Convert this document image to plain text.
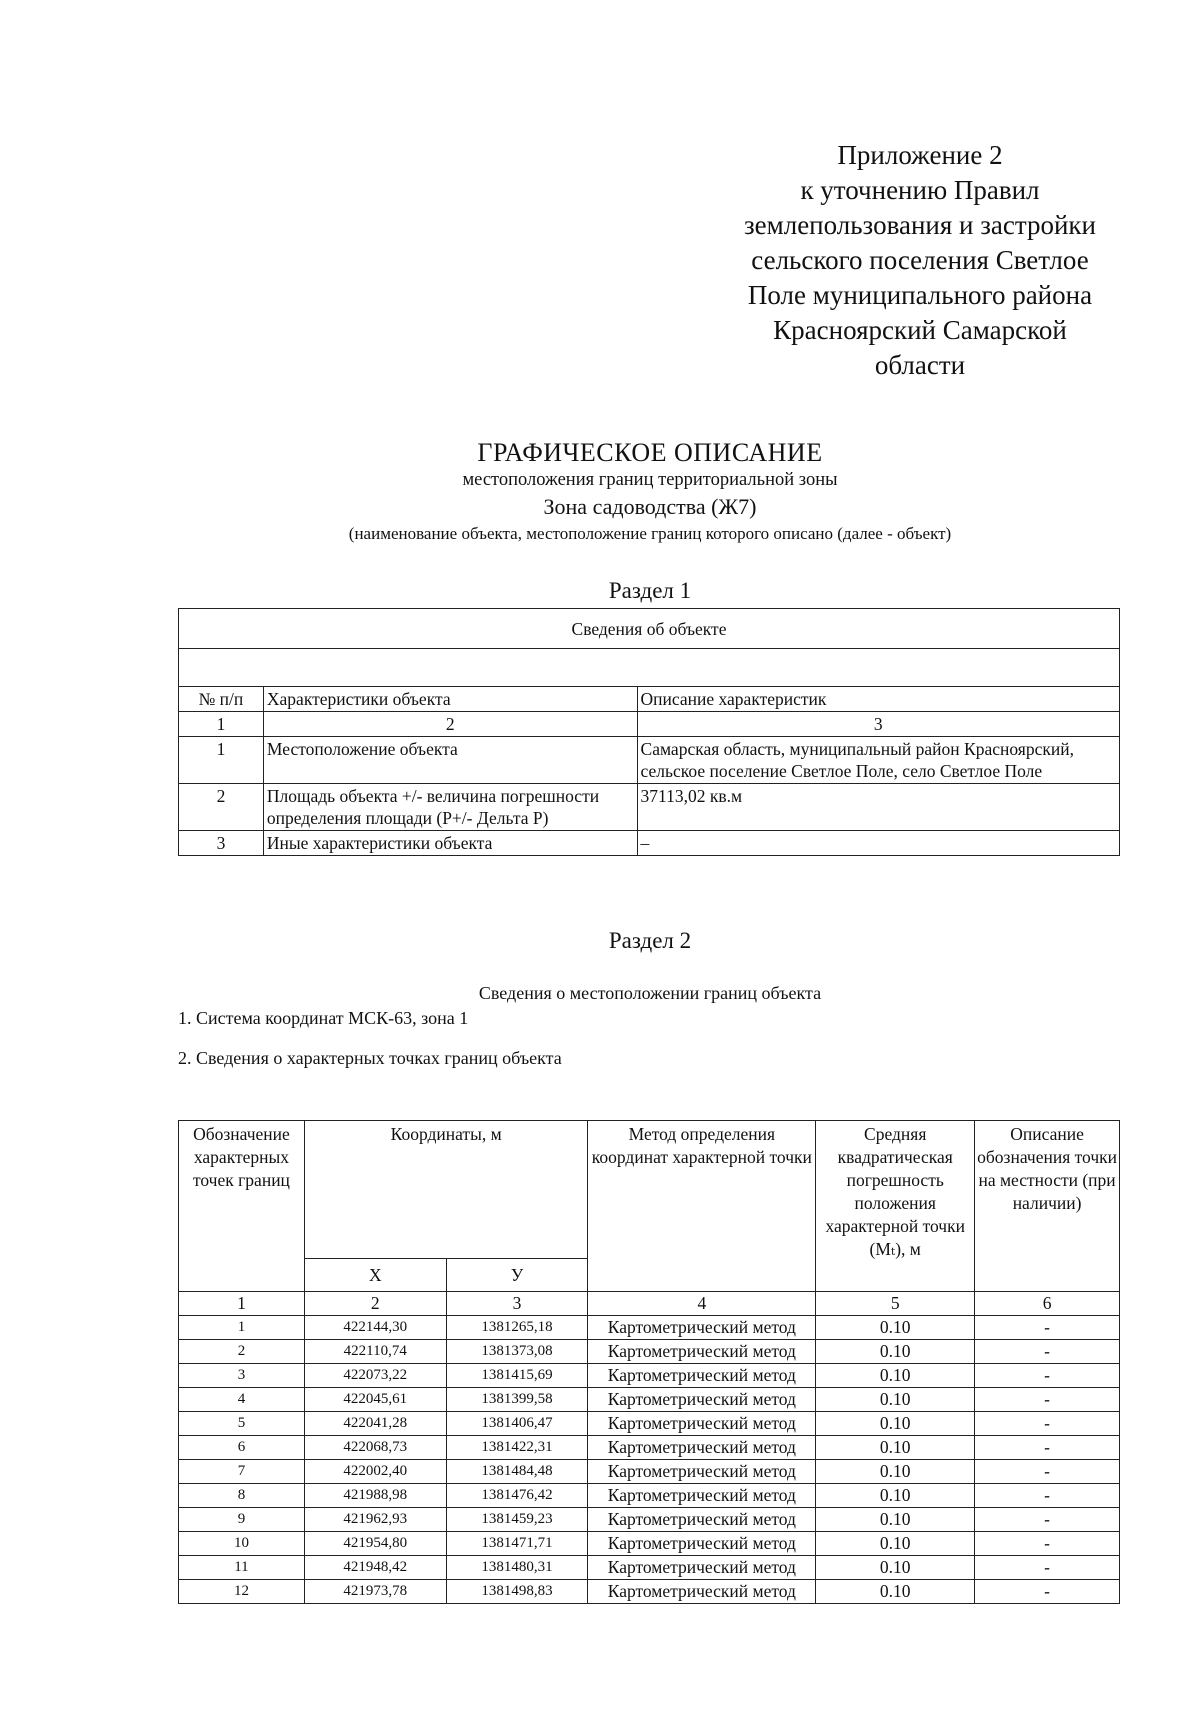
Приложение 2
к уточнению Правил
землепользования и застройки
сельского поселения Светлое
Поле муниципального района
Красноярский Самарской
области
ГРАФИЧЕСКОЕ ОПИСАНИЕ
местоположения границ территориальной зоны
Зона садоводства (Ж7)
(наименование объекта, местоположение границ которого описано (далее - объект)
Раздел 1
Сведения об объекте		

№ п/п	Характеристики объекта	Описание характеристик
1	2	3
1	Местоположение объекта	Самарская область, муниципальный район Красноярский, сельское поселение Светлое Поле, село Светлое Поле
2	Площадь объекта +/- величина погрешности определения площади (P+/- Дельта P)	37113,02 кв.м
3	Иные характеристики объекта	–
Раздел 2
Сведения о местоположении границ объекта
1. Система координат МСК-63, зона 1
2. Сведения о характерных точках границ объекта
Обозначение характерных точек границ	Координаты, м		Метод определения координат характерной точки	Средняя квадратическая погрешность положения характерной точки (Mₜ), м	Описание обозначения точки на местности (при наличии)
	X	У			
1	2	3	4	5	6
1	422144,30	1381265,18	Картометрический метод	0.10	-
2	422110,74	1381373,08	Картометрический метод	0.10	-
3	422073,22	1381415,69	Картометрический метод	0.10	-
4	422045,61	1381399,58	Картометрический метод	0.10	-
5	422041,28	1381406,47	Картометрический метод	0.10	-
6	422068,73	1381422,31	Картометрический метод	0.10	-
7	422002,40	1381484,48	Картометрический метод	0.10	-
8	421988,98	1381476,42	Картометрический метод	0.10	-
9	421962,93	1381459,23	Картометрический метод	0.10	-
10	421954,80	1381471,71	Картометрический метод	0.10	-
11	421948,42	1381480,31	Картометрический метод	0.10	-
12	421973,78	1381498,83	Картометрический метод	0.10	-
